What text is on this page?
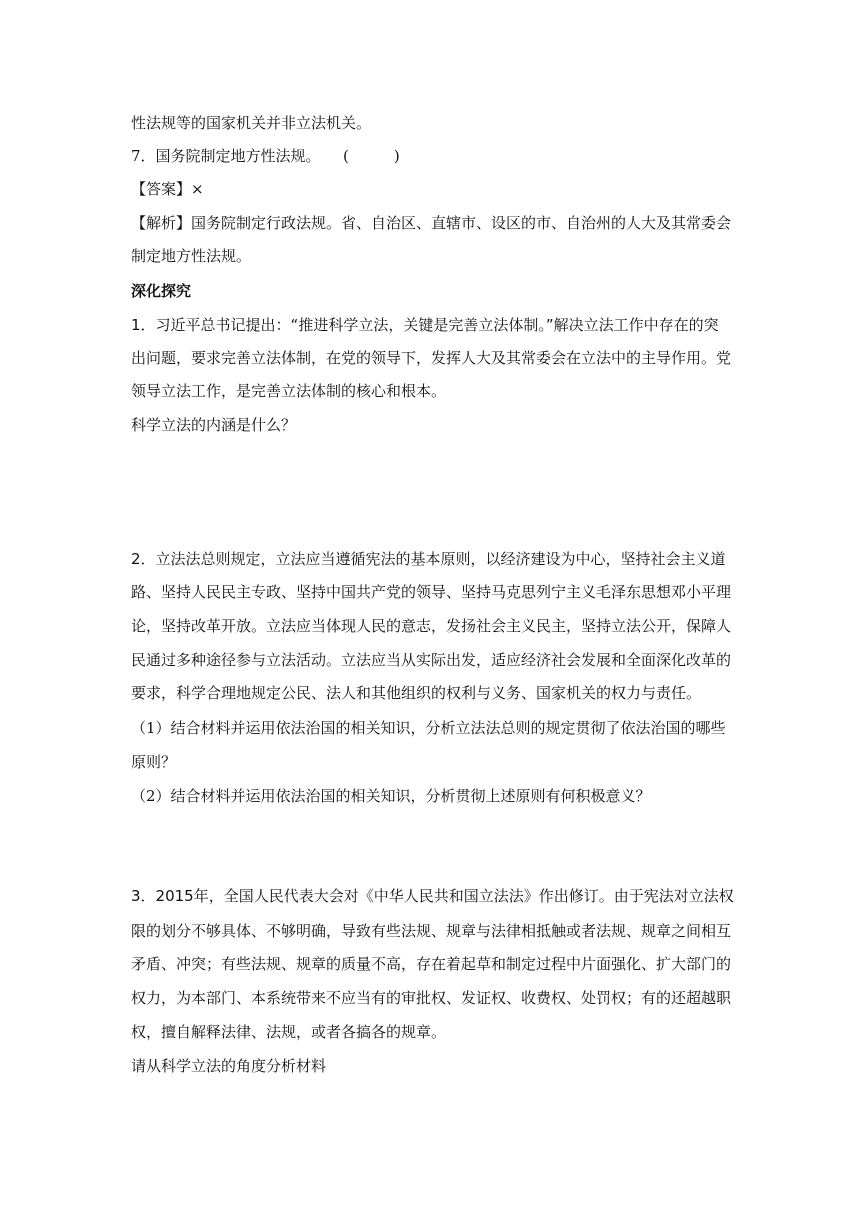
性法规等的国家机关并非立法机关。
7．国务院制定地方性法规。　　(　　　)
【答案】×
【解析】国务院制定行政法规。省、自治区、直辖市、设区的市、自治州的人大及其常委会
制定地方性法规。
深化探究
1．习近平总书记提出：“推进科学立法，关键是完善立法体制。”解决立法工作中存在的突
出问题，要求完善立法体制，在党的领导下，发挥人大及其常委会在立法中的主导作用。党
领导立法工作，是完善立法体制的核心和根本。
科学立法的内涵是什么？
2．立法法总则规定，立法应当遵循宪法的基本原则，以经济建设为中心，坚持社会主义道
路、坚持人民民主专政、坚持中国共产党的领导、坚持马克思列宁主义毛泽东思想邓小平理
论，坚持改革开放。立法应当体现人民的意志，发扬社会主义民主，坚持立法公开，保障人
民通过多种途径参与立法活动。立法应当从实际出发，适应经济社会发展和全面深化改革的
要求，科学合理地规定公民、法人和其他组织的权利与义务、国家机关的权力与责任。
（1）结合材料并运用依法治国的相关知识，分析立法法总则的规定贯彻了依法治国的哪些
原则？
（2）结合材料并运用依法治国的相关知识，分析贯彻上述原则有何积极意义？
3．2015年，全国人民代表大会对《中华人民共和国立法法》作出修订。由于宪法对立法权
限的划分不够具体、不够明确，导致有些法规、规章与法律相抵触或者法规、规章之间相互
矛盾、冲突；有些法规、规章的质量不高，存在着起草和制定过程中片面强化、扩大部门的
权力，为本部门、本系统带来不应当有的审批权、发证权、收费权、处罚权；有的还超越职
权，擅自解释法律、法规，或者各搞各的规章。
请从科学立法的角度分析材料
